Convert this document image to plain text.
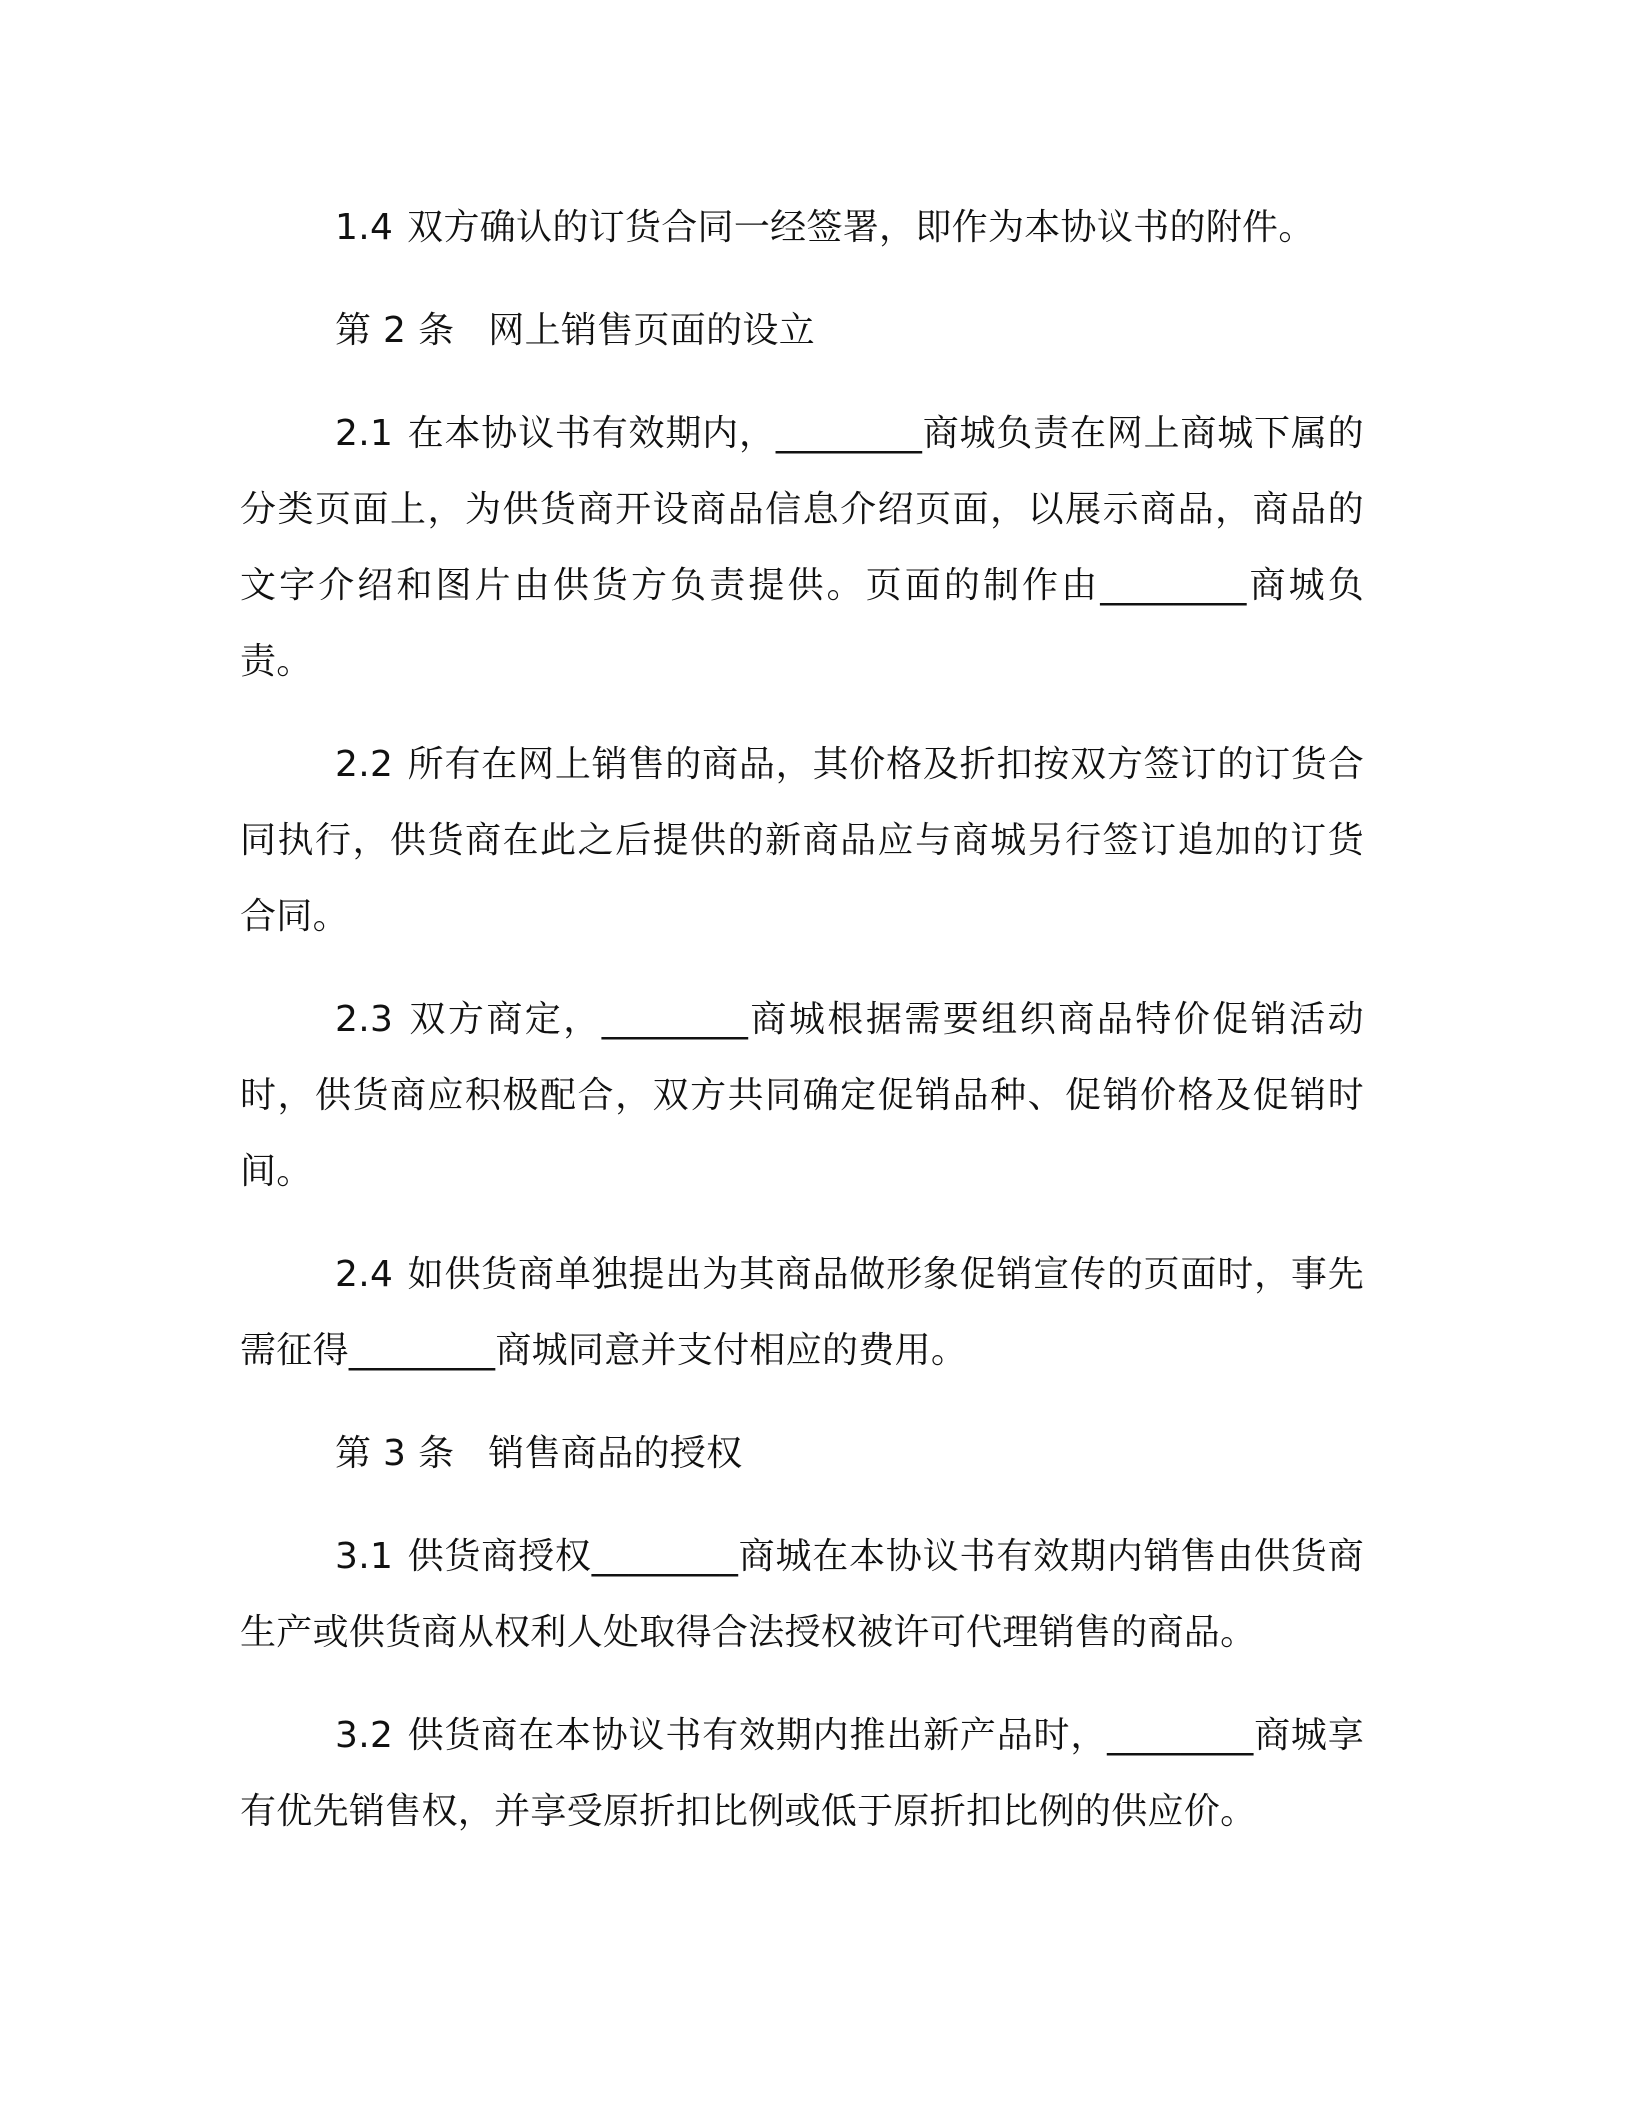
1.4 双方确认的订货合同一经签署，即作为本协议书的附件。

第 2 条 网上销售页面的设立

2.1 在本协议书有效期内，________商城负责在网上商城下属的分类页面上，为供货商开设商品信息介绍页面，以展示商品，商品的文字介绍和图片由供货方负责提供。页面的制作由________商城负责。

2.2 所有在网上销售的商品，其价格及折扣按双方签订的订货合同执行，供货商在此之后提供的新商品应与商城另行签订追加的订货合同。

2.3 双方商定，________商城根据需要组织商品特价促销活动时，供货商应积极配合，双方共同确定促销品种、促销价格及促销时间。

2.4 如供货商单独提出为其商品做形象促销宣传的页面时，事先需征得________商城同意并支付相应的费用。

第 3 条 销售商品的授权

3.1 供货商授权________商城在本协议书有效期内销售由供货商生产或供货商从权利人处取得合法授权被许可代理销售的商品。

3.2 供货商在本协议书有效期内推出新产品时，________商城享有优先销售权，并享受原折扣比例或低于原折扣比例的供应价。
